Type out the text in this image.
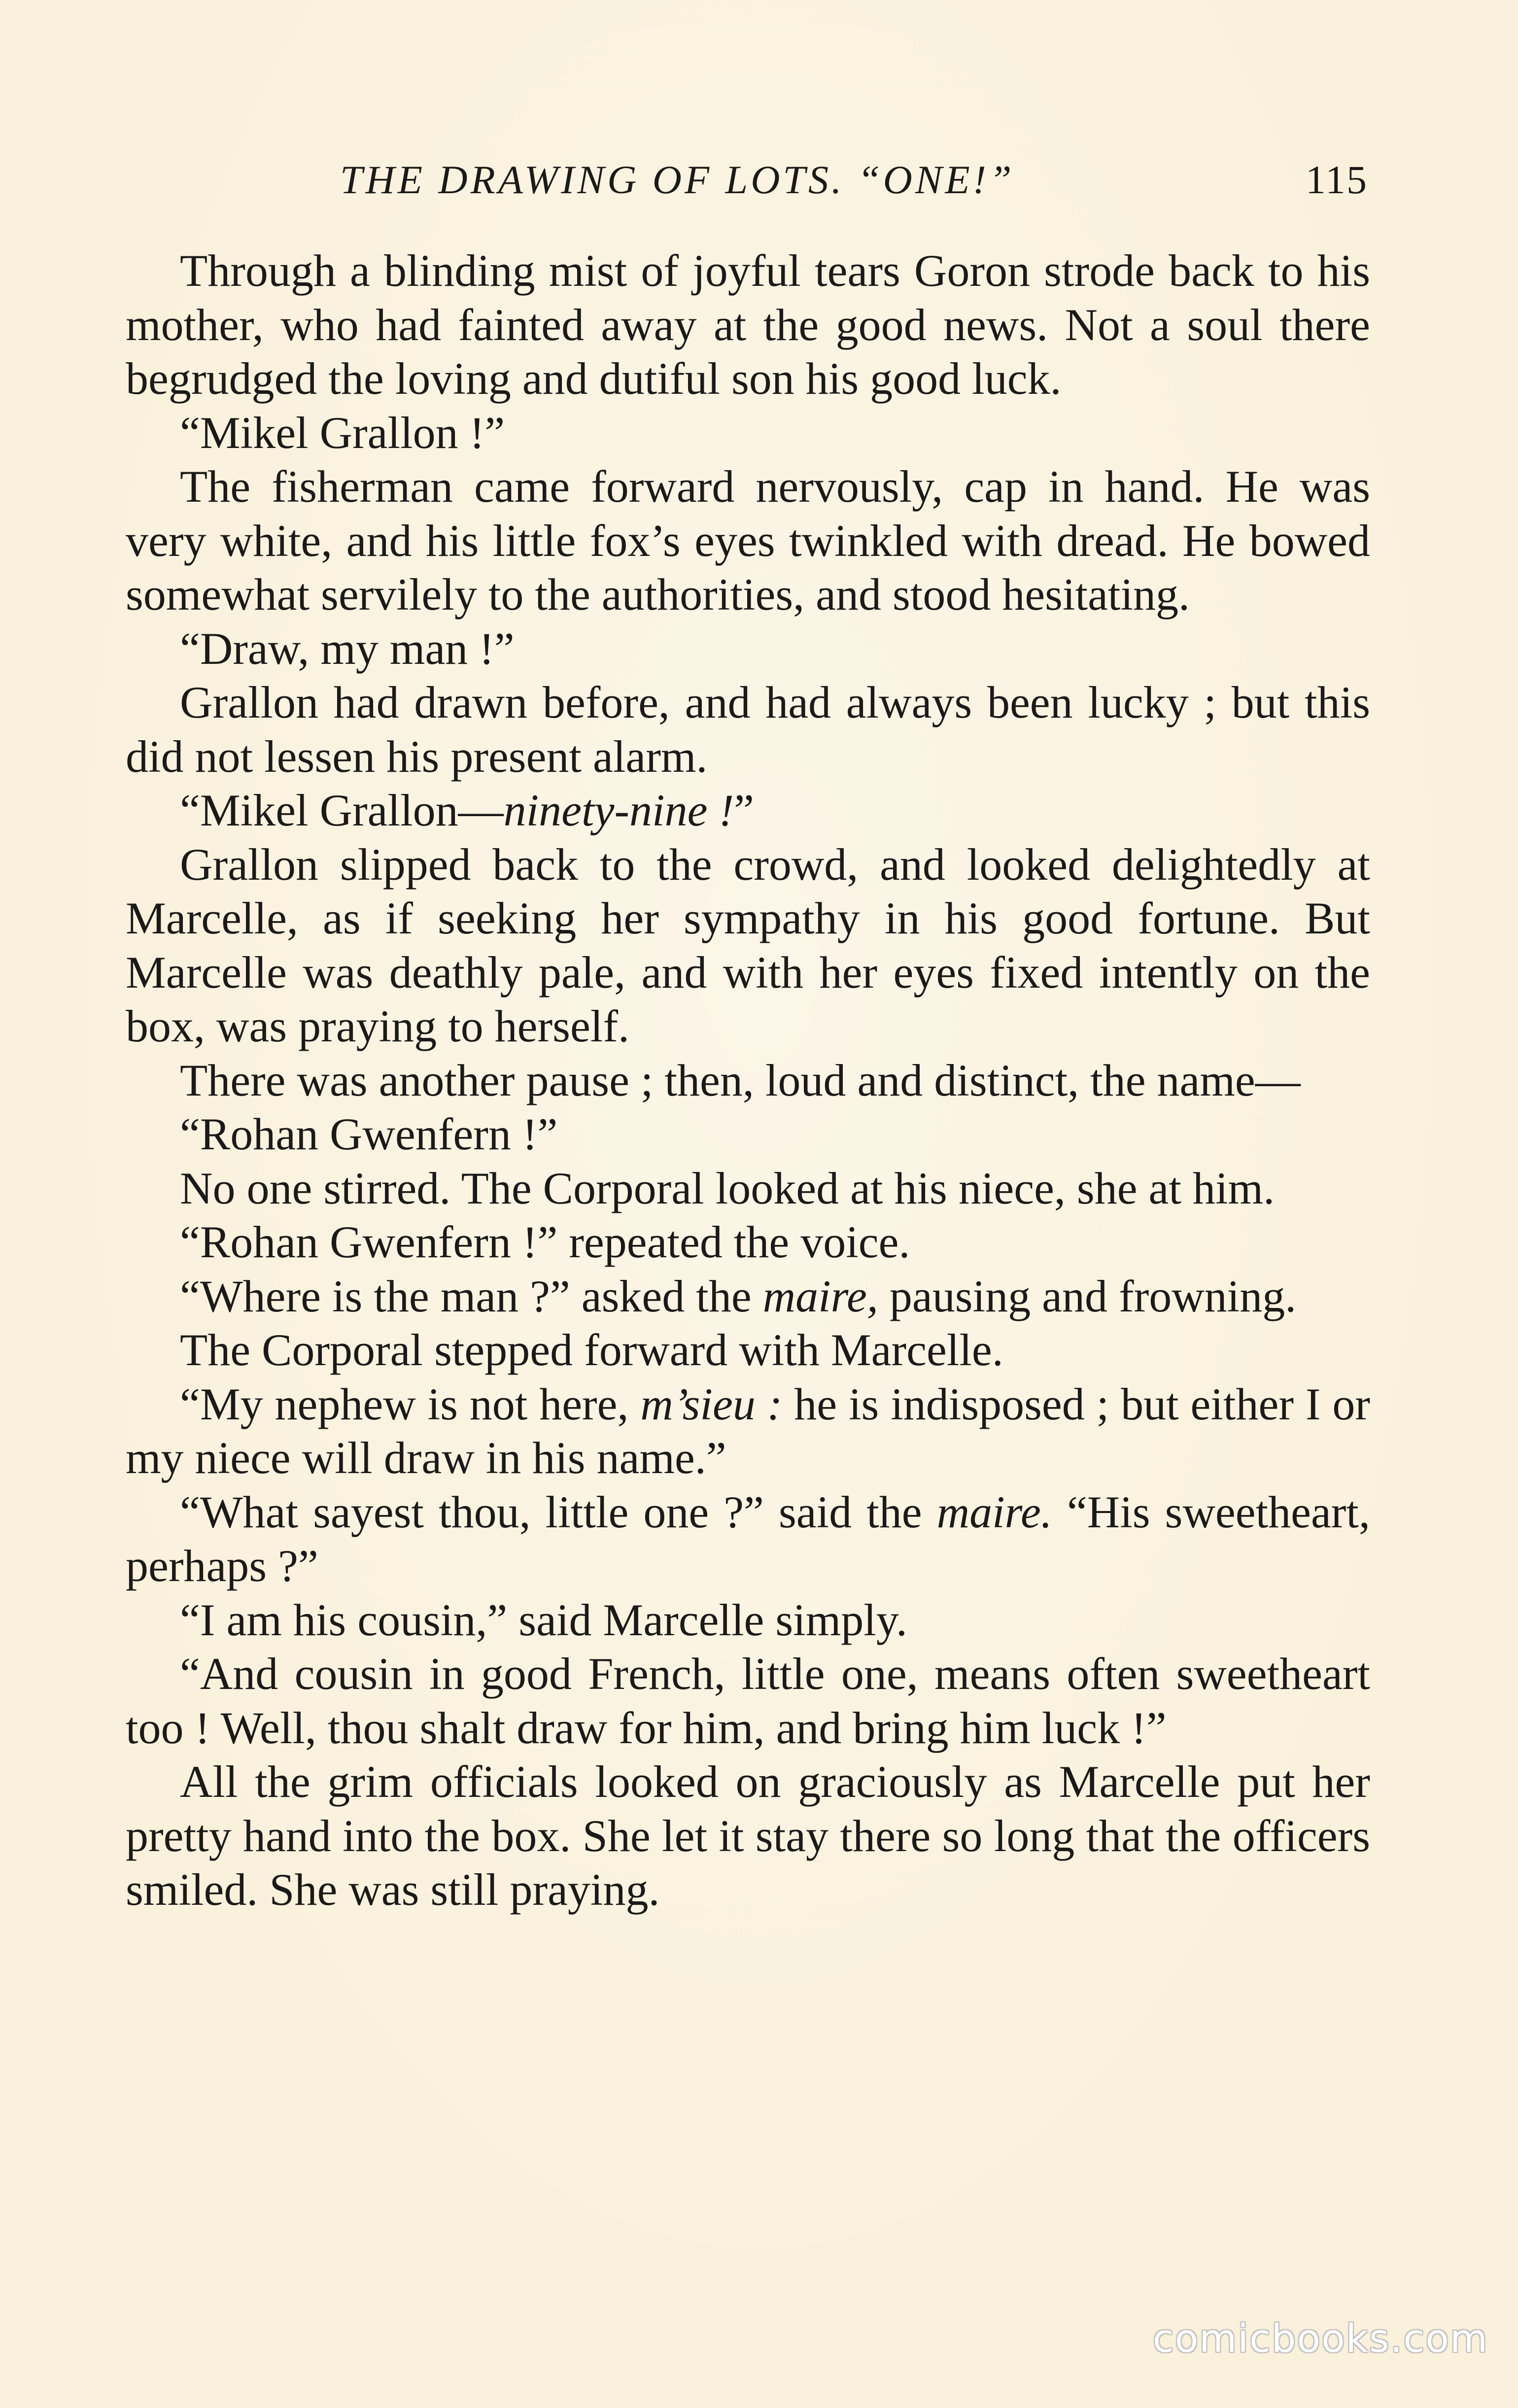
THE DRAWING OF LOTS. “ONE!”	115

Through a blinding mist of joyful tears Goron strode back to his mother, who had fainted away at the good news. Not a soul there begrudged the loving and dutiful son his good luck.

“Mikel Grallon !”

The fisherman came forward nervously, cap in hand. He was very white, and his little fox’s eyes twinkled with dread. He bowed somewhat servilely to the authorities, and stood hesitating.

“Draw, my man !”

Grallon had drawn before, and had always been lucky ; but this did not lessen his present alarm.

“Mikel Grallon—ninety-nine !”

Grallon slipped back to the crowd, and looked delightedly at Marcelle, as if seeking her sympathy in his good fortune. But Marcelle was deathly pale, and with her eyes fixed intently on the box, was praying to herself.

There was another pause ; then, loud and distinct, the name—

“Rohan Gwenfern !”

No one stirred. The Corporal looked at his niece, she at him.

“Rohan Gwenfern !” repeated the voice.

“Where is the man ?” asked the maire, pausing and frowning.

The Corporal stepped forward with Marcelle.

“My nephew is not here, m’sieu : he is indisposed ; but either I or my niece will draw in his name.”

“What sayest thou, little one ?” said the maire. “His sweetheart, perhaps ?”

“I am his cousin,” said Marcelle simply.

“And cousin in good French, little one, means often sweetheart too ! Well, thou shalt draw for him, and bring him luck !”

All the grim officials looked on graciously as Marcelle put her pretty hand into the box. She let it stay there so long that the officers smiled. She was still praying.

comicbooks.com
